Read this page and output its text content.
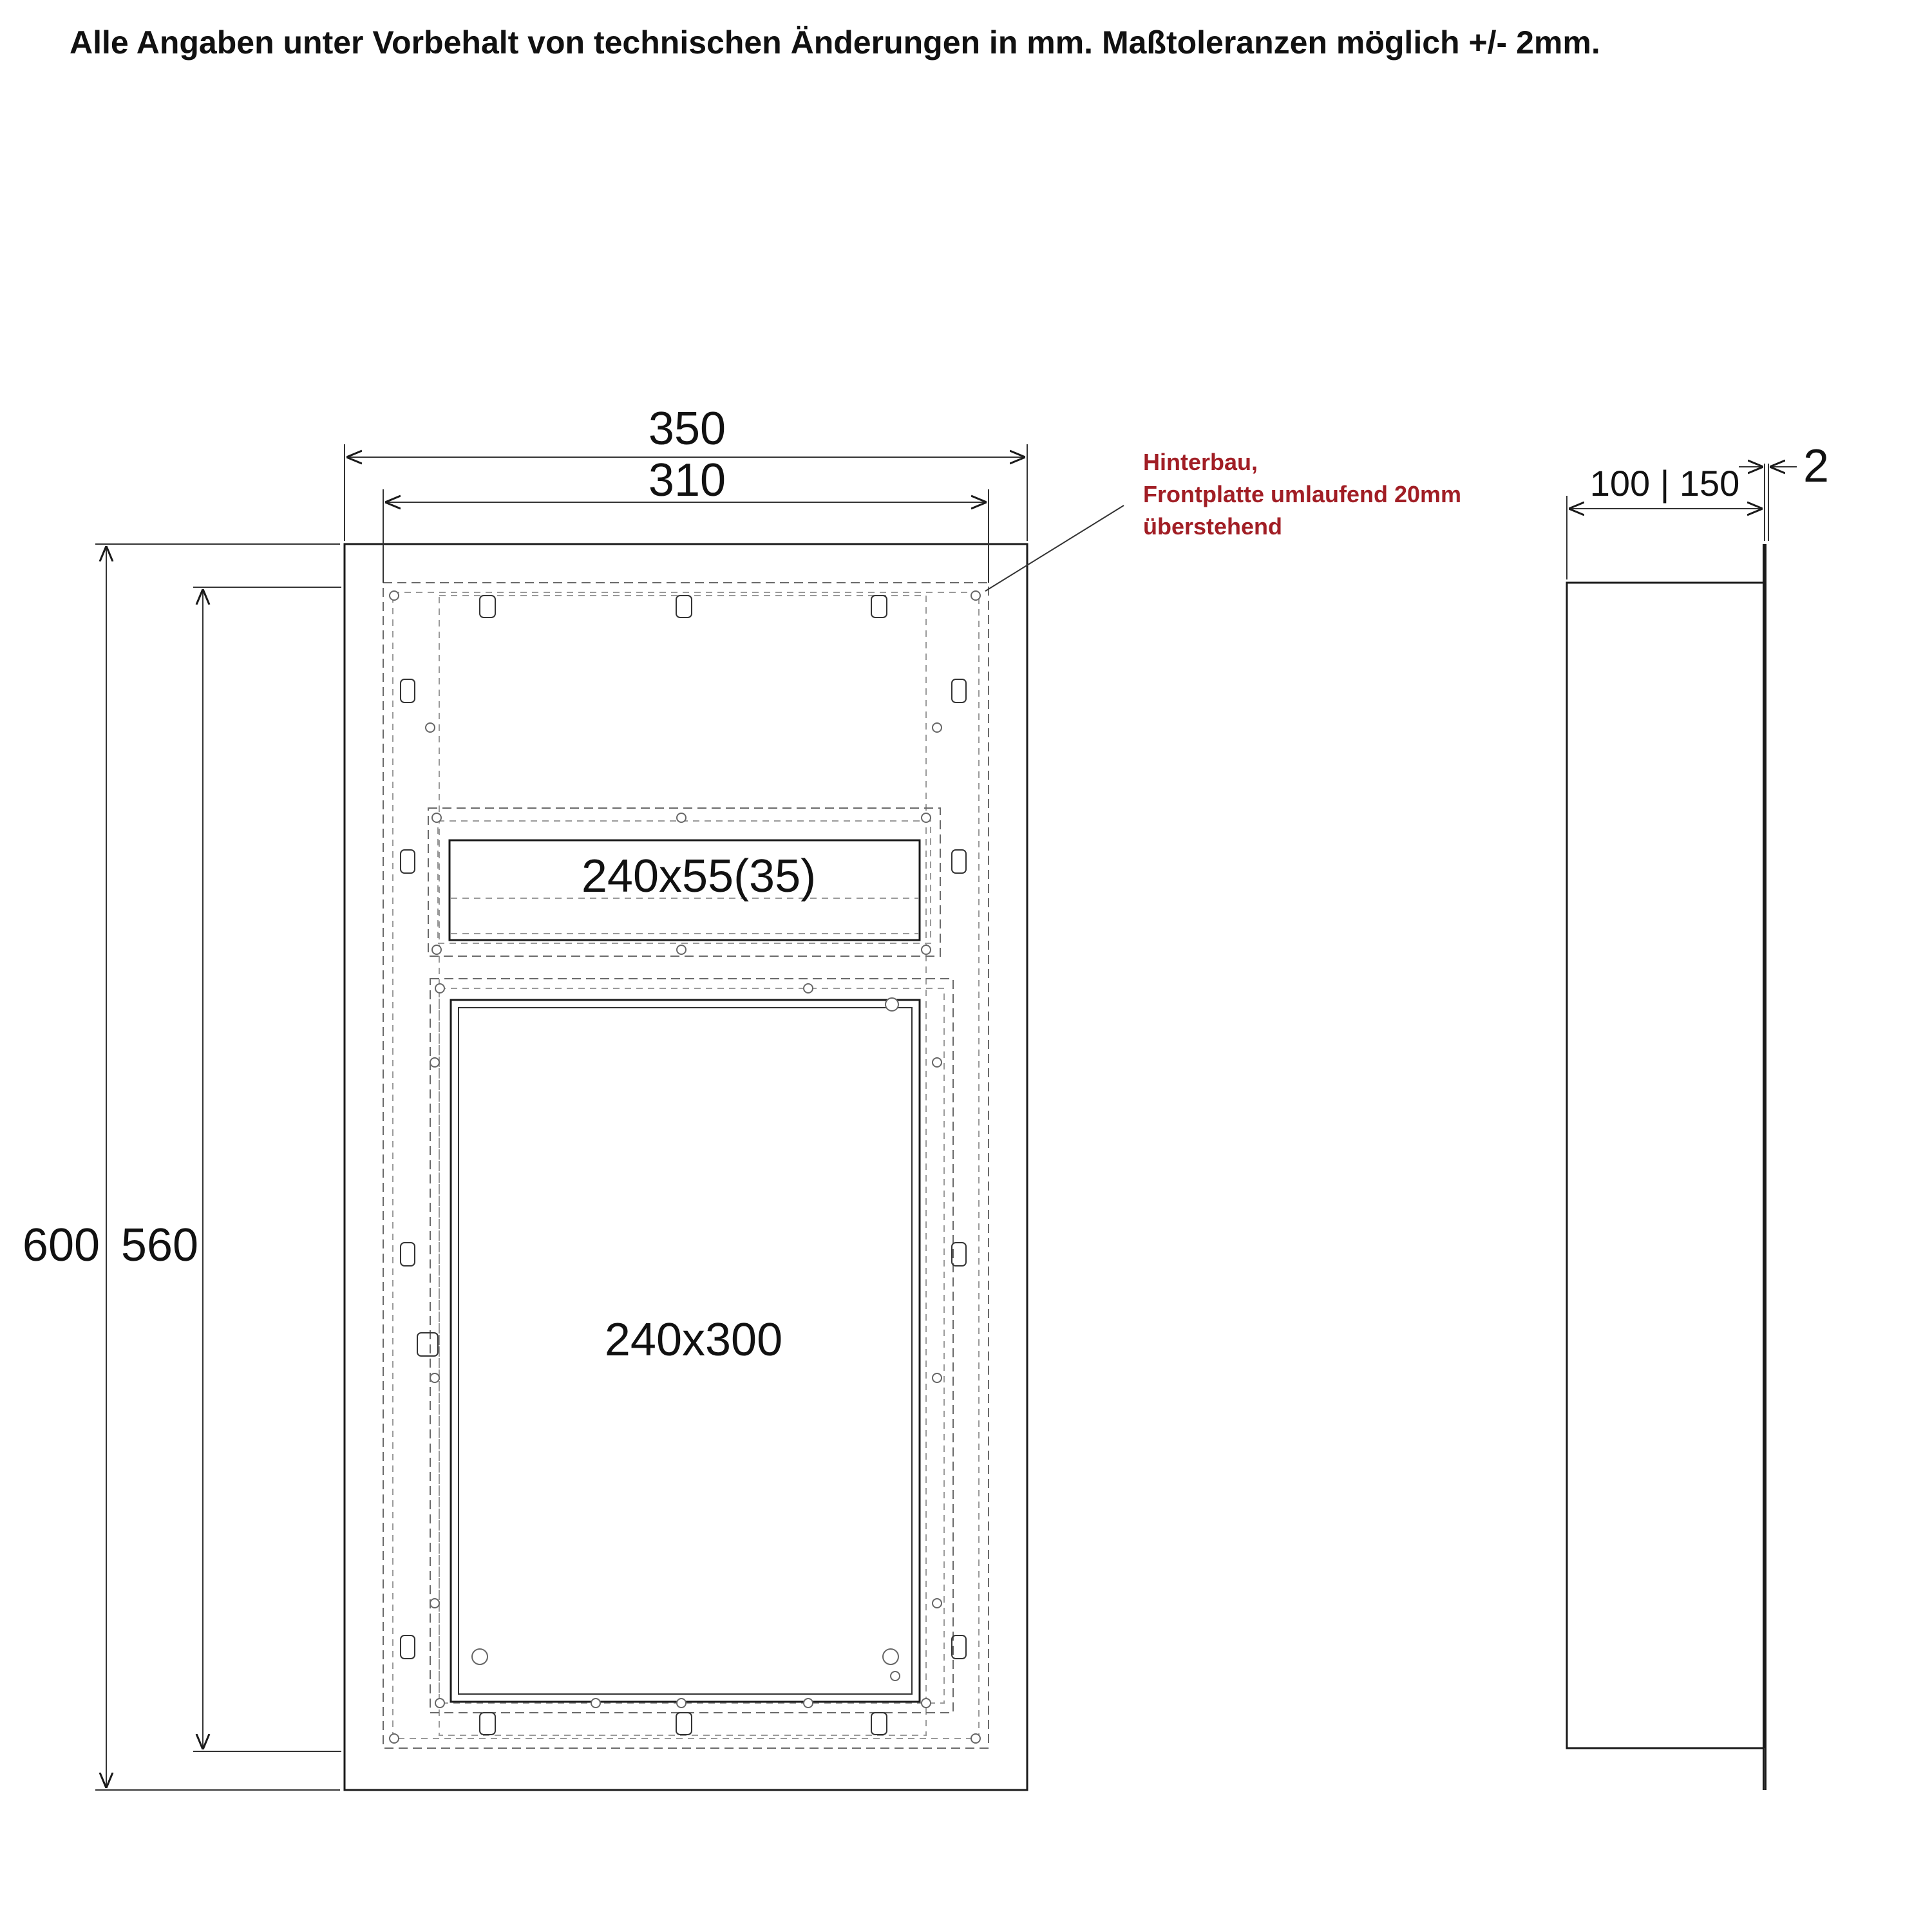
Alle Angaben unter Vorbehalt von technischen Änderungen in mm. Maßtoleranzen möglich +/- 2mm.
240x55(35)
240x300
350
310
600 560
Hinterbau,
Frontplatte umlaufend 20mm
überstehend
100 | 150 2
